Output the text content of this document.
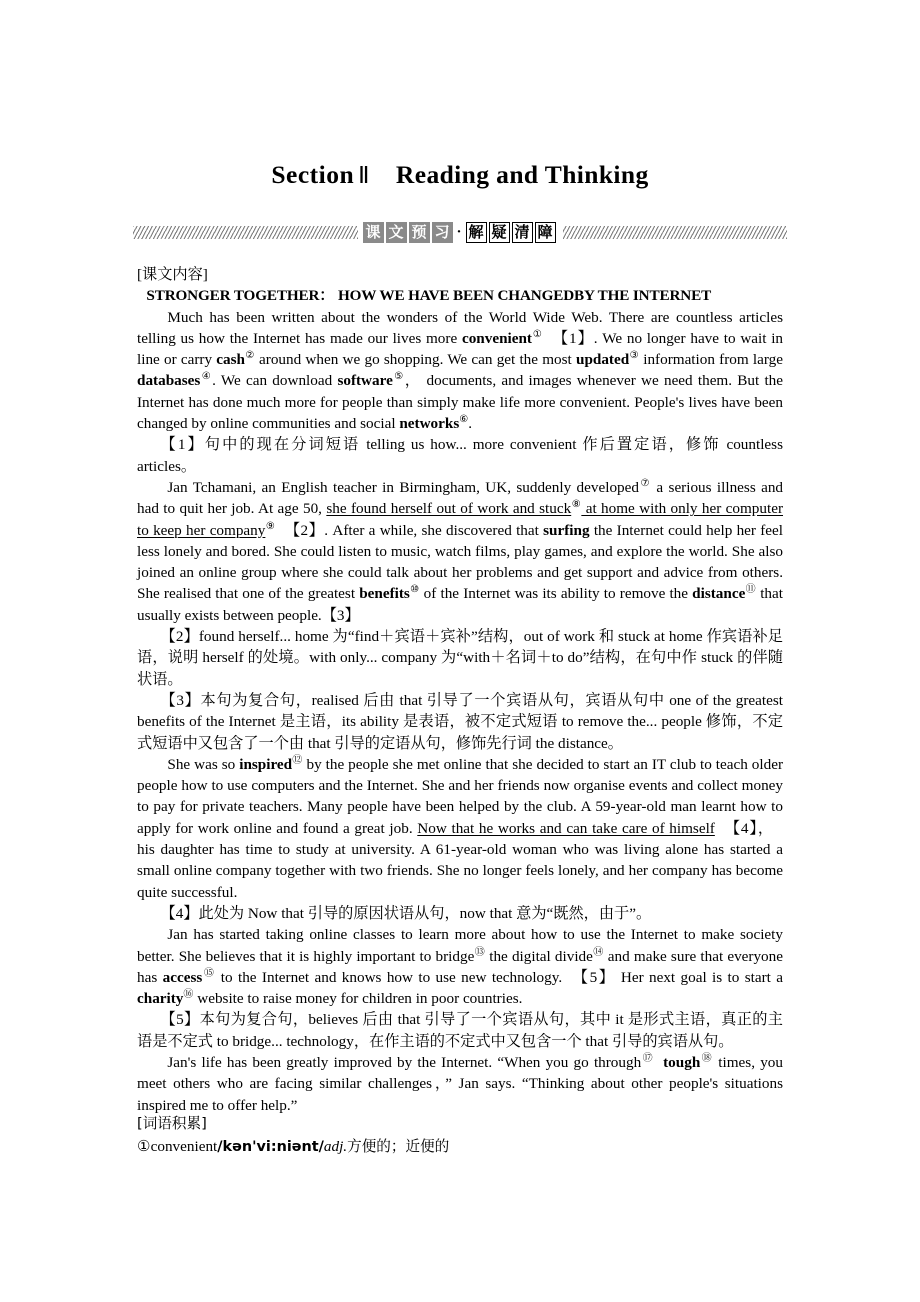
Section Ⅱ Reading and Thinking
课 文 预 习 · 解 疑 清 障

[课文内容]

STRONGER TOGETHER： HOW WE HAVE BEEN CHANGEDBY THE INTERNET

Much has been written about the wonders of the World Wide Web. There are countless articles telling us how the Internet has made our lives more convenient① 【1】. We no longer have to wait in line or carry cash② around when we go shopping. We can get the most updated③ information from large databases④. We can download software⑤， documents, and images whenever we need them. But the Internet has done much more for people than simply make life more convenient. People's lives have been changed by online communities and social networks⑥.

【1】句中的现在分词短语 telling us how... more convenient 作后置定语，修饰 countless articles。

Jan Tchamani, an English teacher in Birmingham, UK, suddenly developed⑦ a serious illness and had to quit her job. At age 50, she found herself out of work and stuck⑧ at home with only her computer to keep her company⑨ 【2】. After a while, she discovered that surfing the Internet could help her feel less lonely and bored. She could listen to music, watch films, play games, and explore the world. She also joined an online group where she could talk about her problems and get support and advice from others. She realised that one of the greatest benefits⑩ of the Internet was its ability to remove the distance⑪ that usually exists between people.【3】

【2】found herself... home 为“find＋宾语＋宾补”结构，out of work 和 stuck at home 作宾语补足语，说明 herself 的处境。with only... company 为“with＋名词＋to do”结构，在句中作 stuck 的伴随状语。

【3】本句为复合句，realised 后由 that 引导了一个宾语从句，宾语从句中 one of the greatest benefits of the Internet 是主语，its ability 是表语，被不定式短语 to remove the... people 修饰，不定式短语中又包含了一个由 that 引导的定语从句，修饰先行词 the distance。

She was so inspired⑫ by the people she met online that she decided to start an IT club to teach older people how to use computers and the Internet. She and her friends now organise events and collect money to pay for private teachers. Many people have been helped by the club. A 59-year-old man learnt how to apply for work online and found a great job. Now that he works and can take care of himself 【4】， his daughter has time to study at university. A 61-year-old woman who was living alone has started a small online company together with two friends. She no longer feels lonely, and her company has become quite successful.

【4】此处为 Now that 引导的原因状语从句，now that 意为“既然，由于”。

Jan has started taking online classes to learn more about how to use the Internet to make society better. She believes that it is highly important to bridge⑬ the digital divide⑭ and make sure that everyone has access⑮ to the Internet and knows how to use new technology. 【5】 Her next goal is to start a charity⑯ website to raise money for children in poor countries.

【5】本句为复合句，believes 后由 that 引导了一个宾语从句，其中 it 是形式主语，真正的主语是不定式 to bridge... technology，在作主语的不定式中又包含一个 that 引导的宾语从句。

Jan's life has been greatly improved by the Internet. “When you go through⑰ tough⑱ times, you meet others who are facing similar challenges，” Jan says. “Thinking about other people's situations inspired me to offer help.”

[词语积累]

①convenient/kən'vi:niənt/adj.方便的；近便的
